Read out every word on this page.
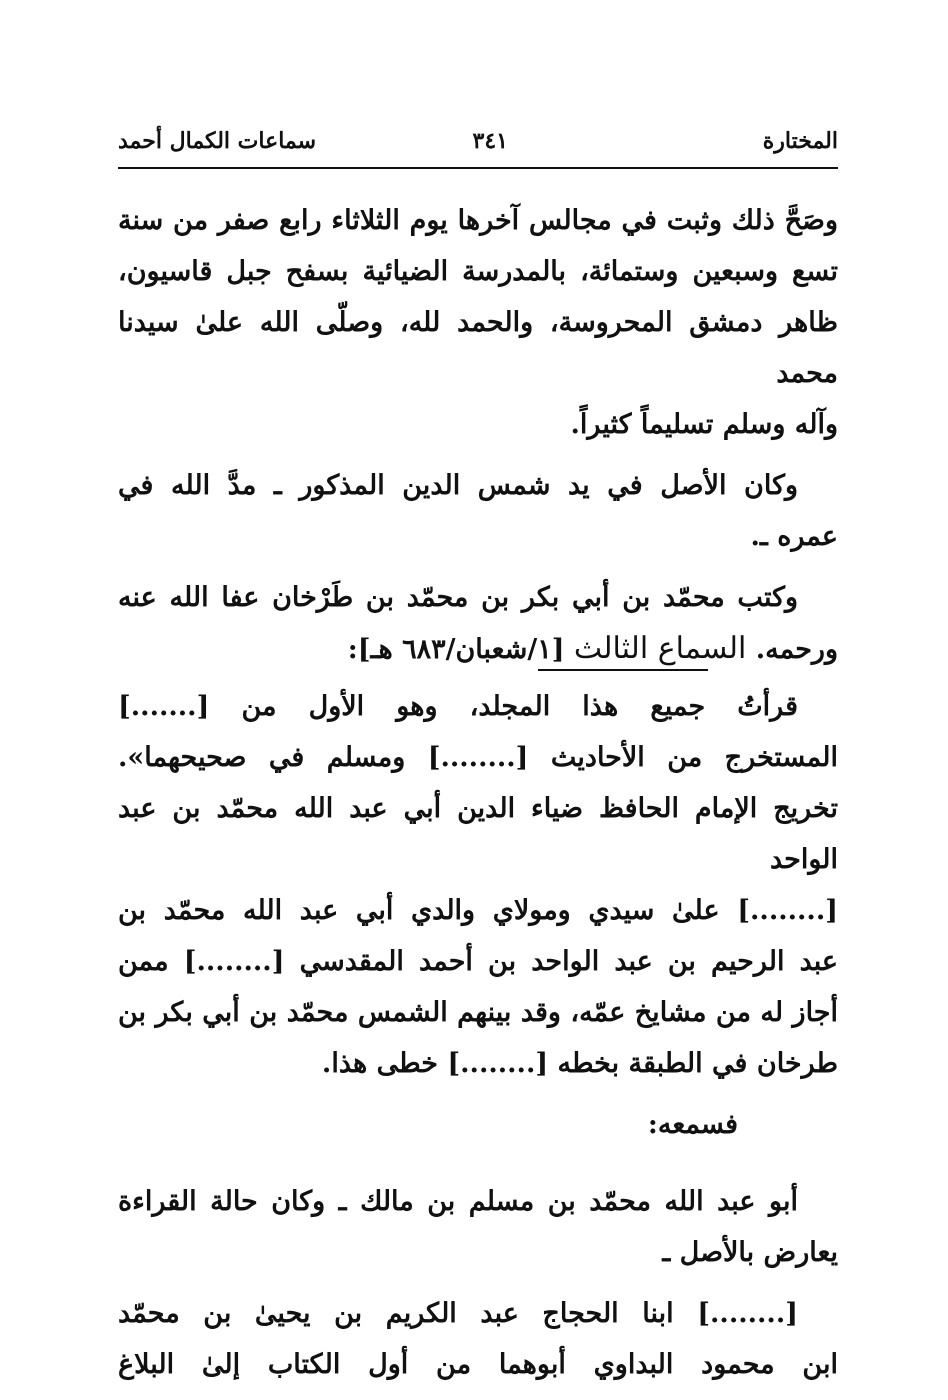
المختارة
٣٤١
سماعات الكمال أحمد
وصَحَّ ذلك وثبت في مجالس آخرها يوم الثلاثاء رابع صفر من سنة
تسع وسبعين وستمائة، بالمدرسة الضيائية بسفح جبل قاسيون،
ظاهر دمشق المحروسة، والحمد لله، وصلّى الله علىٰ سيدنا محمد
وآله وسلم تسليماً كثيراً.
وكان الأصل في يد شمس الدين المذكور ـ مدَّ الله في
عمره ـ.
وكتب محمّد بن أبي بكر بن محمّد بن طَرْخان عفا الله عنه
ورحمه. السماع الثالث [١/شعبان/٦٨٣ هـ]:
قرأتُ جميع هذا المجلد، وهو الأول من [.......]
المستخرج من الأحاديث [........] ومسلم في صحيحهما».
تخريج الإمام الحافظ ضياء الدين أبي عبد الله محمّد بن عبد الواحد
[........] علىٰ سيدي ومولاي والدي أبي عبد الله محمّد بن
عبد الرحيم بن عبد الواحد بن أحمد المقدسي [........] ممن
أجاز له من مشايخ عمّه، وقد بينهم الشمس محمّد بن أبي بكر بن
طرخان في الطبقة بخطه [........] خطى هذا.
فسمعه:
أبو عبد الله محمّد بن مسلم بن مالك ـ وكان حالة القراءة
يعارض بالأصل ـ
[........] ابنا الحجاج عبد الكريم بن يحيىٰ بن محمّد
ابن محمود البداوي أبوهما من أول الكتاب إلىٰ البلاغ
